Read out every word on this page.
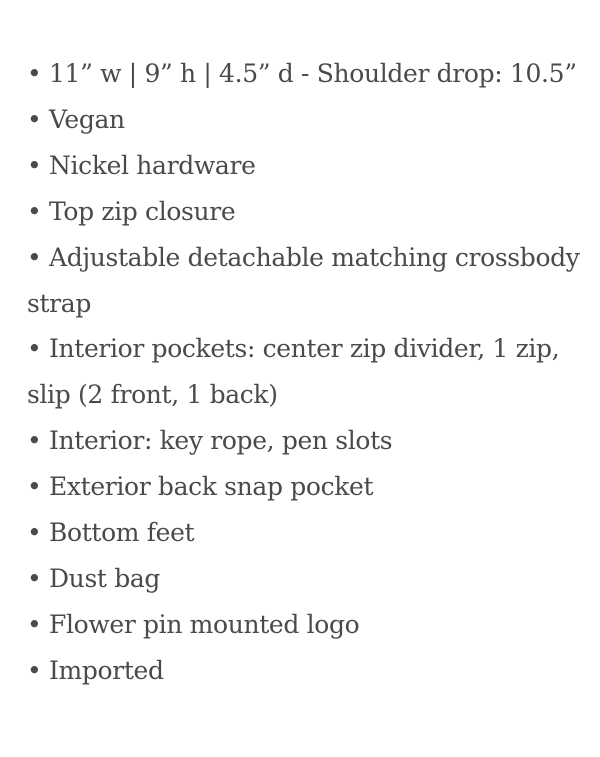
• 11” w | 9” h | 4.5” d - Shoulder drop: 10.5”
• Vegan
• Nickel hardware
• Top zip closure
• Adjustable detachable matching crossbody strap
• Interior pockets: center zip divider, 1 zip, slip (2 front, 1 back)
• Interior: key rope, pen slots
• Exterior back snap pocket
• Bottom feet
• Dust bag
• Flower pin mounted logo
• Imported
